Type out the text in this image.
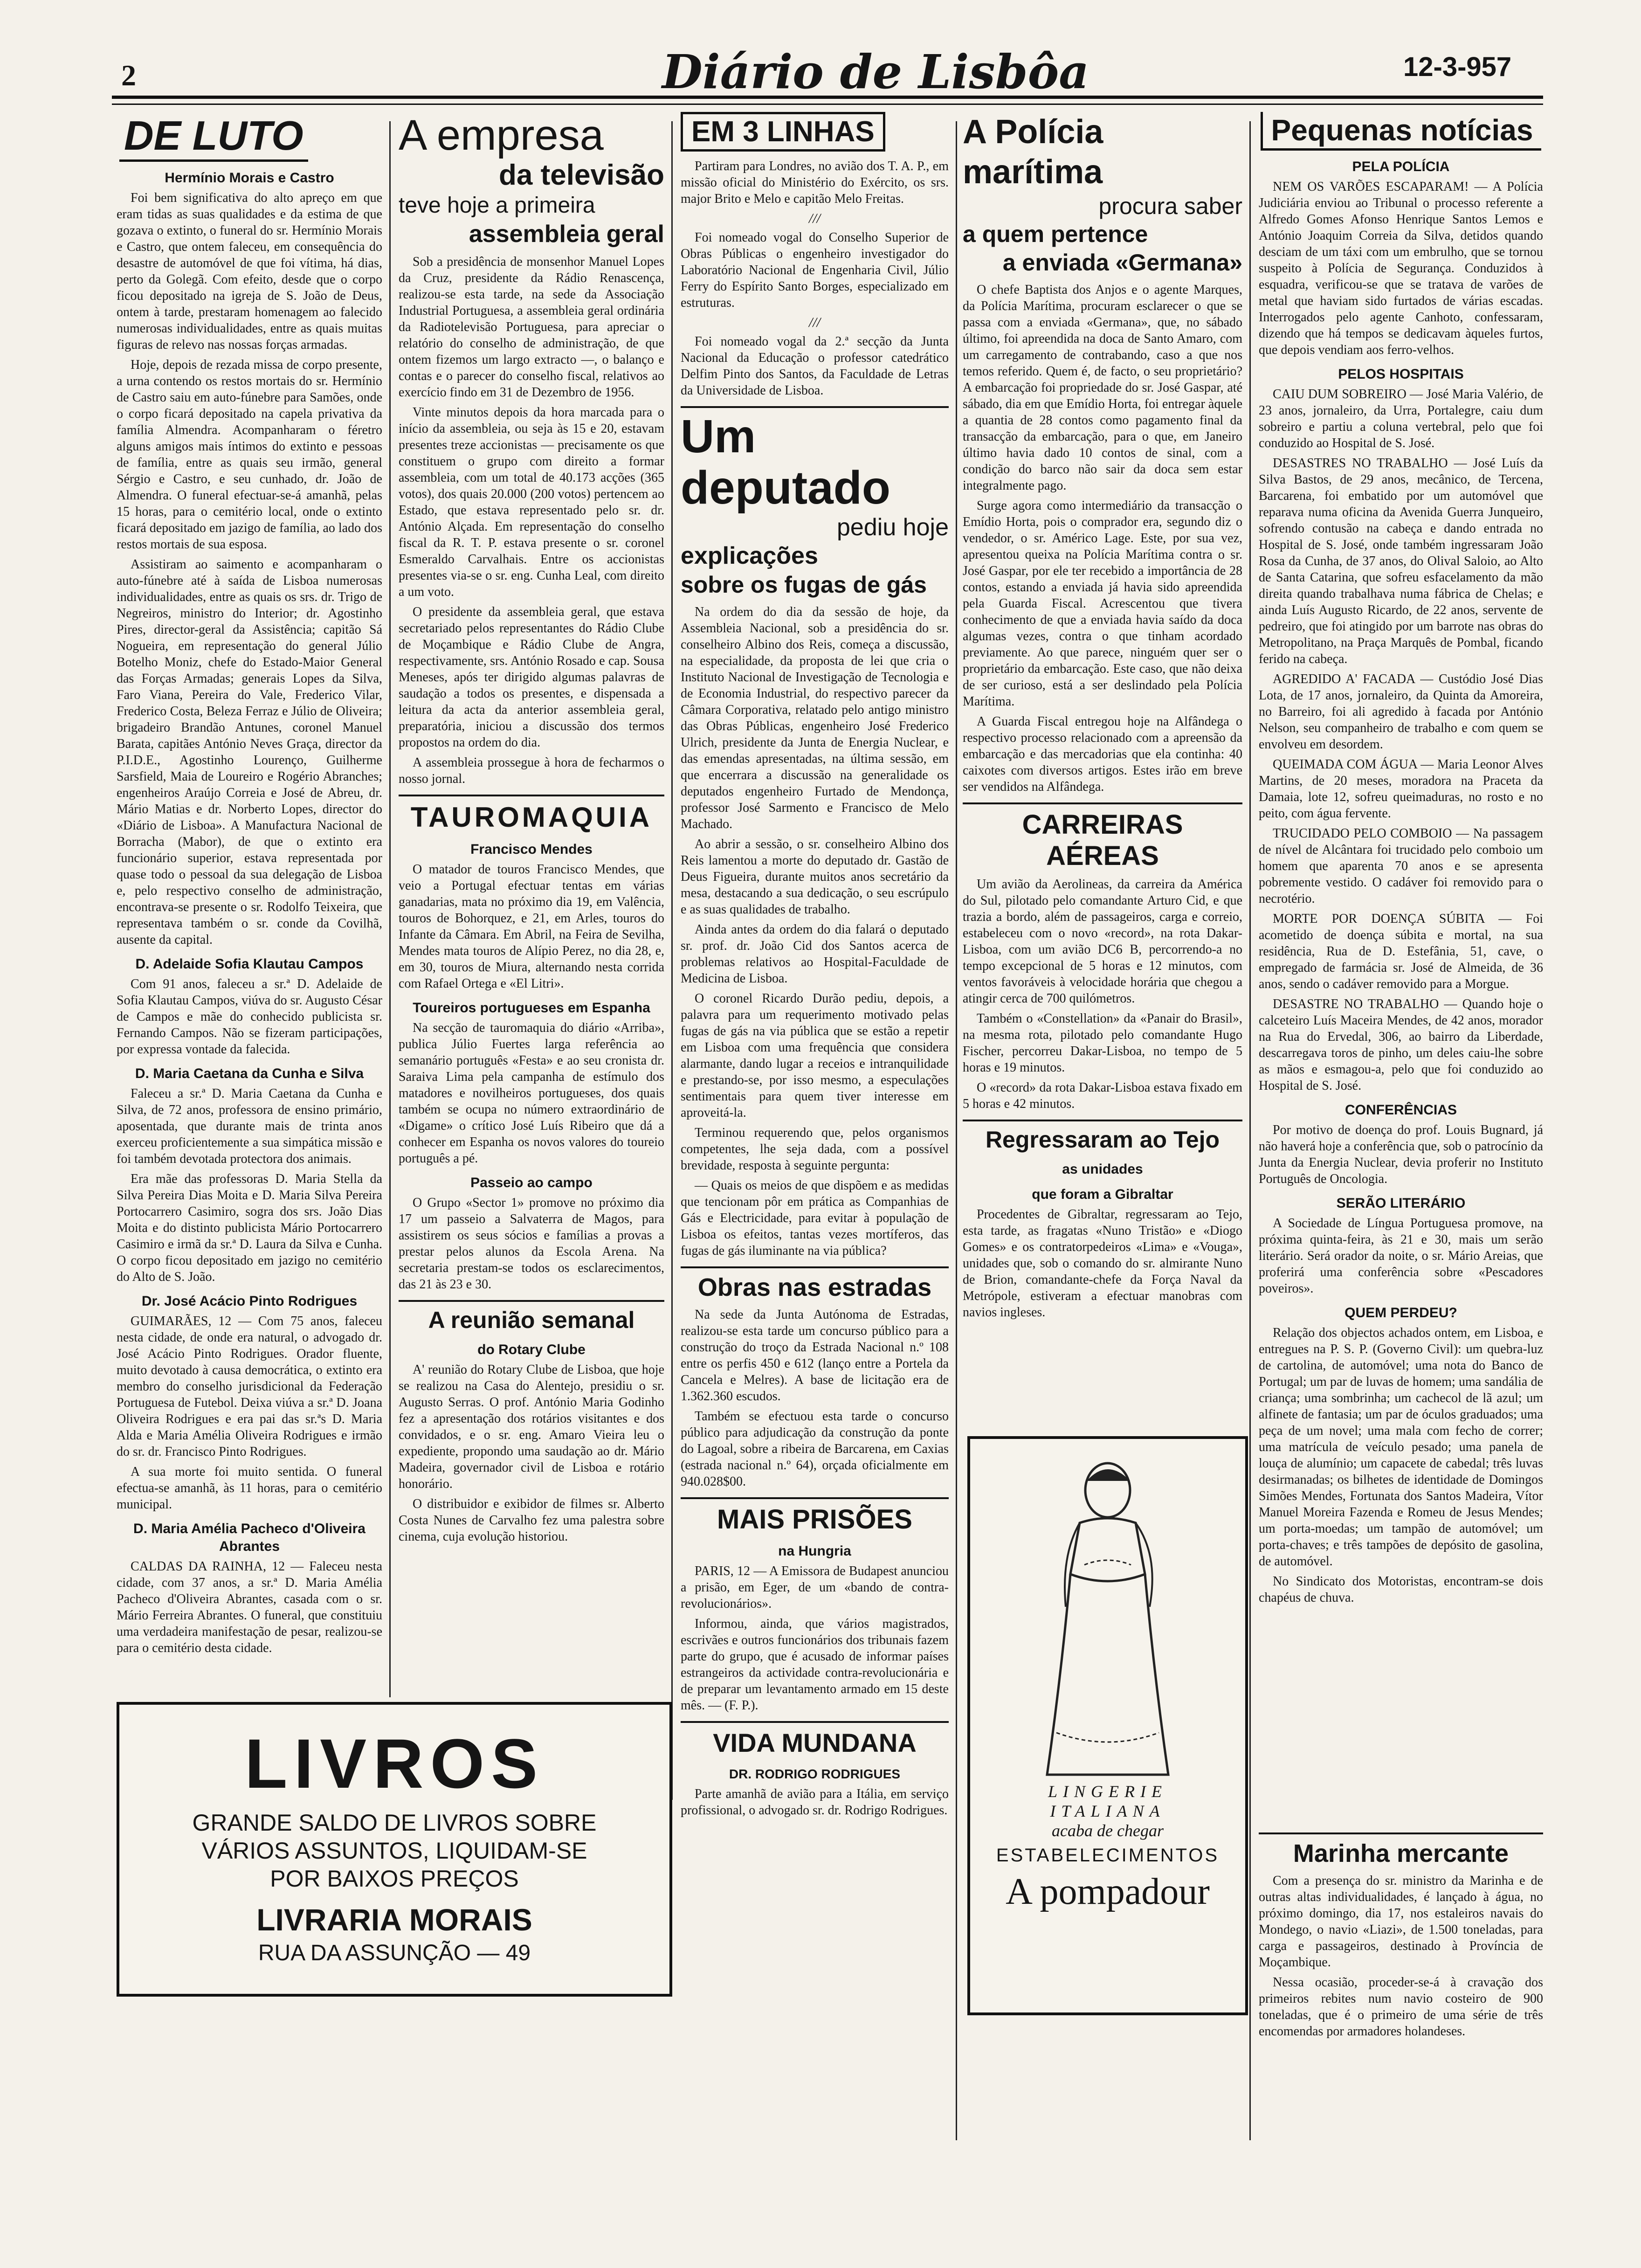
2	Diário de Lisbôa	12-3-957
DE LUTO
Hermínio Morais e Castro

Foi bem significativa do alto apreço em que eram tidas as suas qualidades e da estima de que gozava o extinto, o funeral do sr. Hermínio Morais e Castro, que ontem faleceu, em consequência do desastre de automóvel de que foi vítima, há dias, perto da Golegã. Com efeito, desde que o corpo ficou depositado na igreja de S. João de Deus, ontem à tarde, prestaram homenagem ao falecido numerosas individualidades, entre as quais muitas figuras de relevo nas nossas forças armadas.

Hoje, depois de rezada missa de corpo presente, a urna contendo os restos mortais do sr. Hermínio de Castro saiu em auto-fúnebre para Samões, onde o corpo ficará depositado na capela privativa da família Almendra. Acompanharam o féretro alguns amigos mais íntimos do extinto e pessoas de família, entre as quais seu irmão, general Sérgio e Castro, e seu cunhado, dr. João de Almendra. O funeral efectuar-se-á amanhã, pelas 15 horas, para o cemitério local, onde o extinto ficará depositado em jazigo de família, ao lado dos restos mortais de sua esposa.

Assistiram ao saimento e acompanharam o auto-fúnebre até à saída de Lisboa numerosas individualidades, entre as quais os srs. dr. Trigo de Negreiros, ministro do Interior; dr. Agostinho Pires, director-geral da Assistência; capitão Sá Nogueira, em representação do general Júlio Botelho Moniz, chefe do Estado-Maior General das Forças Armadas; generais Lopes da Silva, Faro Viana, Pereira do Vale, Frederico Vilar, Frederico Costa, Beleza Ferraz e Júlio de Oliveira; brigadeiro Brandão Antunes, coronel Manuel Barata, capitães António Neves Graça, director da P.I.D.E., Agostinho Lourenço, Guilherme Sarsfield, Maia de Loureiro e Rogério Abranches; engenheiros Araújo Correia e José de Abreu, dr. Mário Matias e dr. Norberto Lopes, director do «Diário de Lisboa». A Manufactura Nacional de Borracha (Mabor), de que o extinto era funcionário superior, estava representada por quase todo o pessoal da sua delegação de Lisboa e, pelo respectivo conselho de administração, encontrava-se presente o sr. Rodolfo Teixeira, que representava também o sr. conde da Covilhã, ausente da capital.

D. Adelaide Sofia Klautau Campos

Com 91 anos, faleceu a sr.ª D. Adelaide de Sofia Klautau Campos, viúva do sr. Augusto César de Campos e mãe do conhecido publicista sr. Fernando Campos. Não se fizeram participações, por expressa vontade da falecida.

D. Maria Caetana da Cunha e Silva

Faleceu a sr.ª D. Maria Caetana da Cunha e Silva, de 72 anos, professora de ensino primário, aposentada, que durante mais de trinta anos exerceu proficientemente a sua simpática missão e foi também devotada protectora dos animais.

Era mãe das professoras D. Maria Stella da Silva Pereira Dias Moita e D. Maria Silva Pereira Portocarrero Casimiro, sogra dos srs. João Dias Moita e do distinto publicista Mário Portocarrero Casimiro e irmã da sr.ª D. Laura da Silva e Cunha. O corpo ficou depositado em jazigo no cemitério do Alto de S. João.

Dr. José Acácio Pinto Rodrigues

GUIMARÃES, 12 — Com 75 anos, faleceu nesta cidade, de onde era natural, o advogado dr. José Acácio Pinto Rodrigues. Orador fluente, muito devotado à causa democrática, o extinto era membro do conselho jurisdicional da Federação Portuguesa de Futebol. Deixa viúva a sr.ª D. Joana Oliveira Rodrigues e era pai das sr.ªs D. Maria Alda e Maria Amélia Oliveira Rodrigues e irmão do sr. dr. Francisco Pinto Rodrigues.

A sua morte foi muito sentida. O funeral efectua-se amanhã, às 11 horas, para o cemitério municipal.

D. Maria Amélia Pacheco d'Oliveira Abrantes

CALDAS DA RAINHA, 12 — Faleceu nesta cidade, com 37 anos, a sr.ª D. Maria Amélia Pacheco d'Oliveira Abrantes, casada com o sr. Mário Ferreira Abrantes. O funeral, que constituiu uma verdadeira manifestação de pesar, realizou-se para o cemitério desta cidade.

LIVROS
GRANDE SALDO DE LIVROS SOBRE
VÁRIOS ASSUNTOS, LIQUIDAM-SE
POR BAIXOS PREÇOS
LIVRARIA MORAIS
RUA DA ASSUNÇÃO — 49
A empresa
da televisão
teve hoje a primeira
assembleia geral

Sob a presidência de monsenhor Manuel Lopes da Cruz, presidente da Rádio Renascença, realizou-se esta tarde, na sede da Associação Industrial Portuguesa, a assembleia geral ordinária da Radiotelevisão Portuguesa, para apreciar o relatório do conselho de administração, de que ontem fizemos um largo extracto —, o balanço e contas e o parecer do conselho fiscal, relativos ao exercício findo em 31 de Dezembro de 1956.

Vinte minutos depois da hora marcada para o início da assembleia, ou seja às 15 e 20, estavam presentes treze accionistas — precisamente os que constituem o grupo com direito a formar assembleia, com um total de 40.173 acções (365 votos), dos quais 20.000 (200 votos) pertencem ao Estado, que estava representado pelo sr. dr. António Alçada. Em representação do conselho fiscal da R. T. P. estava presente o sr. coronel Esmeraldo Carvalhais. Entre os accionistas presentes via-se o sr. eng. Cunha Leal, com direito a um voto.

O presidente da assembleia geral, que estava secretariado pelos representantes do Rádio Clube de Moçambique e Rádio Clube de Angra, respectivamente, srs. António Rosado e cap. Sousa Meneses, após ter dirigido algumas palavras de saudação a todos os presentes, e dispensada a leitura da acta da anterior assembleia geral, preparatória, iniciou a discussão dos termos propostos na ordem do dia.

A assembleia prossegue à hora de fecharmos o nosso jornal.

TAUROMAQUIA
Francisco Mendes

O matador de touros Francisco Mendes, que veio a Portugal efectuar tentas em várias ganadarias, mata no próximo dia 19, em Valência, touros de Bohorquez, e 21, em Arles, touros do Infante da Câmara. Em Abril, na Feira de Sevilha, Mendes mata touros de Alípio Perez, no dia 28, e, em 30, touros de Miura, alternando nesta corrida com Rafael Ortega e «El Litri».

Toureiros portugueses em Espanha

Na secção de tauromaquia do diário «Arriba», publica Júlio Fuertes larga referência ao semanário português «Festa» e ao seu cronista dr. Saraiva Lima pela campanha de estímulo dos matadores e novilheiros portugueses, dos quais também se ocupa no número extraordinário de «Digame» o crítico José Luís Ribeiro que dá a conhecer em Espanha os novos valores do toureio português a pé.

Passeio ao campo

O Grupo «Sector 1» promove no próximo dia 17 um passeio a Salvaterra de Magos, para assistirem os seus sócios e famílias a provas a prestar pelos alunos da Escola Arena. Na secretaria prestam-se todos os esclarecimentos, das 21 às 23 e 30.

A reunião semanal
do Rotary Clube

A' reunião do Rotary Clube de Lisboa, que hoje se realizou na Casa do Alentejo, presidiu o sr. Augusto Serras. O prof. António Maria Godinho fez a apresentação dos rotários visitantes e dos convidados, e o sr. eng. Amaro Vieira leu o expediente, propondo uma saudação ao dr. Mário Madeira, governador civil de Lisboa e rotário honorário.

O distribuidor e exibidor de filmes sr. Alberto Costa Nunes de Carvalho fez uma palestra sobre cinema, cuja evolução historiou.

EM 3 LINHAS

Partiram para Londres, no avião dos T. A. P., em missão oficial do Ministério do Exército, os srs. major Brito e Melo e capitão Melo Freitas.

///

Foi nomeado vogal do Conselho Superior de Obras Públicas o engenheiro investigador do Laboratório Nacional de Engenharia Civil, Júlio Ferry do Espírito Santo Borges, especializado em estruturas.

///

Foi nomeado vogal da 2.ª secção da Junta Nacional da Educação o professor catedrático Delfim Pinto dos Santos, da Faculdade de Letras da Universidade de Lisboa.

Um deputado
pediu hoje
explicações
sobre os fugas de gás

Na ordem do dia da sessão de hoje, da Assembleia Nacional, sob a presidência do sr. conselheiro Albino dos Reis, começa a discussão, na especialidade, da proposta de lei que cria o Instituto Nacional de Investigação de Tecnologia e de Economia Industrial, do respectivo parecer da Câmara Corporativa, relatado pelo antigo ministro das Obras Públicas, engenheiro José Frederico Ulrich, presidente da Junta de Energia Nuclear, e das emendas apresentadas, na última sessão, em que encerrara a discussão na generalidade os deputados engenheiro Furtado de Mendonça, professor José Sarmento e Francisco de Melo Machado.

Ao abrir a sessão, o sr. conselheiro Albino dos Reis lamentou a morte do deputado dr. Gastão de Deus Figueira, durante muitos anos secretário da mesa, destacando a sua dedicação, o seu escrúpulo e as suas qualidades de trabalho.

Ainda antes da ordem do dia falará o deputado sr. prof. dr. João Cid dos Santos acerca de problemas relativos ao Hospital-Faculdade de Medicina de Lisboa.

O coronel Ricardo Durão pediu, depois, a palavra para um requerimento motivado pelas fugas de gás na via pública que se estão a repetir em Lisboa com uma frequência que considera alarmante, dando lugar a receios e intranquilidade e prestando-se, por isso mesmo, a especulações sentimentais para quem tiver interesse em aproveitá-la.

Terminou requerendo que, pelos organismos competentes, lhe seja dada, com a possível brevidade, resposta à seguinte pergunta:

— Quais os meios de que dispõem e as medidas que tencionam pôr em prática as Companhias de Gás e Electricidade, para evitar à população de Lisboa os efeitos, tantas vezes mortíferos, das fugas de gás iluminante na via pública?

Obras nas estradas

Na sede da Junta Autónoma de Estradas, realizou-se esta tarde um concurso público para a construção do troço da Estrada Nacional n.º 108 entre os perfis 450 e 612 (lanço entre a Portela da Cancela e Melres). A base de licitação era de 1.362.360 escudos.

Também se efectuou esta tarde o concurso público para adjudicação da construção da ponte do Lagoal, sobre a ribeira de Barcarena, em Caxias (estrada nacional n.º 64), orçada oficialmente em 940.028$00.

MAIS PRISÕES
na Hungria

PARIS, 12 — A Emissora de Budapest anunciou a prisão, em Eger, de um «bando de contra-revolucionários».

Informou, ainda, que vários magistrados, escrivães e outros funcionários dos tribunais fazem parte do grupo, que é acusado de informar países estrangeiros da actividade contra-revolucionária e de preparar um levantamento armado em 15 deste mês. — (F. P.).

VIDA MUNDANA
DR. RODRIGO RODRIGUES

Parte amanhã de avião para a Itália, em serviço profissional, o advogado sr. dr. Rodrigo Rodrigues.

A Polícia marítima
procura saber
a quem pertence
a enviada «Germana»

O chefe Baptista dos Anjos e o agente Marques, da Polícia Marítima, procuram esclarecer o que se passa com a enviada «Germana», que, no sábado último, foi apreendida na doca de Santo Amaro, com um carregamento de contrabando, caso a que nos temos referido. Quem é, de facto, o seu proprietário? A embarcação foi propriedade do sr. José Gaspar, até sábado, dia em que Emídio Horta, foi entregar àquele a quantia de 28 contos como pagamento final da transacção da embarcação, para o que, em Janeiro último havia dado 10 contos de sinal, com a condição do barco não sair da doca sem estar integralmente pago.

Surge agora como intermediário da transacção o Emídio Horta, pois o comprador era, segundo diz o vendedor, o sr. Américo Lage. Este, por sua vez, apresentou queixa na Polícia Marítima contra o sr. José Gaspar, por ele ter recebido a importância de 28 contos, estando a enviada já havia sido apreendida pela Guarda Fiscal. Acrescentou que tivera conhecimento de que a enviada havia saído da doca algumas vezes, contra o que tinham acordado previamente. Ao que parece, ninguém quer ser o proprietário da embarcação. Este caso, que não deixa de ser curioso, está a ser deslindado pela Polícia Marítima.

A Guarda Fiscal entregou hoje na Alfândega o respectivo processo relacionado com a apreensão da embarcação e das mercadorias que ela continha: 40 caixotes com diversos artigos. Estes irão em breve ser vendidos na Alfândega.

CARREIRAS AÉREAS

Um avião da Aerolineas, da carreira da América do Sul, pilotado pelo comandante Arturo Cid, e que trazia a bordo, além de passageiros, carga e correio, estabeleceu com o novo «record», na rota Dakar-Lisboa, com um avião DC6 B, percorrendo-a no tempo excepcional de 5 horas e 12 minutos, com ventos favoráveis à velocidade horária que chegou a atingir cerca de 700 quilómetros.

Também o «Constellation» da «Panair do Brasil», na mesma rota, pilotado pelo comandante Hugo Fischer, percorreu Dakar-Lisboa, no tempo de 5 horas e 19 minutos.

O «record» da rota Dakar-Lisboa estava fixado em 5 horas e 42 minutos.

Regressaram ao Tejo
as unidades
que foram a Gibraltar

Procedentes de Gibraltar, regressaram ao Tejo, esta tarde, as fragatas «Nuno Tristão» e «Diogo Gomes» e os contratorpedeiros «Lima» e «Vouga», unidades que, sob o comando do sr. almirante Nuno de Brion, comandante-chefe da Força Naval da Metrópole, estiveram a efectuar manobras com navios ingleses.

LINGERIE
ITALIANA
acaba de chegar
ESTABELECIMENTOS
A pompadour
Pequenas notícias
PELA POLÍCIA

NEM OS VARÕES ESCAPARAM! — A Polícia Judiciária enviou ao Tribunal o processo referente a Alfredo Gomes Afonso Henrique Santos Lemos e António Joaquim Correia da Silva, detidos quando desciam de um táxi com um embrulho, que se tornou suspeito à Polícia de Segurança. Conduzidos à esquadra, verificou-se que se tratava de varões de metal que haviam sido furtados de várias escadas. Interrogados pelo agente Canhoto, confessaram, dizendo que há tempos se dedicavam àqueles furtos, que depois vendiam aos ferro-velhos.

PELOS HOSPITAIS

CAIU DUM SOBREIRO — José Maria Valério, de 23 anos, jornaleiro, da Urra, Portalegre, caiu dum sobreiro e partiu a coluna vertebral, pelo que foi conduzido ao Hospital de S. José.

DESASTRES NO TRABALHO — José Luís da Silva Bastos, de 29 anos, mecânico, de Tercena, Barcarena, foi embatido por um automóvel que reparava numa oficina da Avenida Guerra Junqueiro, sofrendo contusão na cabeça e dando entrada no Hospital de S. José, onde também ingressaram João Rosa da Cunha, de 37 anos, do Olival Saloio, ao Alto de Santa Catarina, que sofreu esfacelamento da mão direita quando trabalhava numa fábrica de Chelas; e ainda Luís Augusto Ricardo, de 22 anos, servente de pedreiro, que foi atingido por um barrote nas obras do Metropolitano, na Praça Marquês de Pombal, ficando ferido na cabeça.

AGREDIDO A' FACADA — Custódio José Dias Lota, de 17 anos, jornaleiro, da Quinta da Amoreira, no Barreiro, foi ali agredido à facada por António Nelson, seu companheiro de trabalho e com quem se envolveu em desordem.

QUEIMADA COM ÁGUA — Maria Leonor Alves Martins, de 20 meses, moradora na Praceta da Damaia, lote 12, sofreu queimaduras, no rosto e no peito, com água fervente.

TRUCIDADO PELO COMBOIO — Na passagem de nível de Alcântara foi trucidado pelo comboio um homem que aparenta 70 anos e se apresenta pobremente vestido. O cadáver foi removido para o necrotério.

MORTE POR DOENÇA SÚBITA — Foi acometido de doença súbita e mortal, na sua residência, Rua de D. Estefânia, 51, cave, o empregado de farmácia sr. José de Almeida, de 36 anos, sendo o cadáver removido para a Morgue.

DESASTRE NO TRABALHO — Quando hoje o calceteiro Luís Maceira Mendes, de 42 anos, morador na Rua do Ervedal, 306, ao bairro da Liberdade, descarregava toros de pinho, um deles caiu-lhe sobre as mãos e esmagou-a, pelo que foi conduzido ao Hospital de S. José.

CONFERÊNCIAS

Por motivo de doença do prof. Louis Bugnard, já não haverá hoje a conferência que, sob o patrocínio da Junta da Energia Nuclear, devia proferir no Instituto Português de Oncologia.

SERÃO LITERÁRIO

A Sociedade de Língua Portuguesa promove, na próxima quinta-feira, às 21 e 30, mais um serão literário. Será orador da noite, o sr. Mário Areias, que proferirá uma conferência sobre «Pescadores poveiros».

QUEM PERDEU?

Relação dos objectos achados ontem, em Lisboa, e entregues na P. S. P. (Governo Civil): um quebra-luz de cartolina, de automóvel; uma nota do Banco de Portugal; um par de luvas de homem; uma sandália de criança; uma sombrinha; um cachecol de lã azul; um alfinete de fantasia; um par de óculos graduados; uma peça de um novel; uma mala com fecho de correr; uma matrícula de veículo pesado; uma panela de louça de alumínio; um capacete de cabedal; três luvas desirmanadas; os bilhetes de identidade de Domingos Simões Mendes, Fortunata dos Santos Madeira, Vítor Manuel Moreira Fazenda e Romeu de Jesus Mendes; um porta-moedas; um tampão de automóvel; um porta-chaves; e três tampões de depósito de gasolina, de automóvel.

No Sindicato dos Motoristas, encontram-se dois chapéus de chuva.

Marinha mercante

Com a presença do sr. ministro da Marinha e de outras altas individualidades, é lançado à água, no próximo domingo, dia 17, nos estaleiros navais do Mondego, o navio «Liazi», de 1.500 toneladas, para carga e passageiros, destinado à Província de Moçambique.

Nessa ocasião, proceder-se-á à cravação dos primeiros rebites num navio costeiro de 900 toneladas, que é o primeiro de uma série de três encomendas por armadores holandeses.
